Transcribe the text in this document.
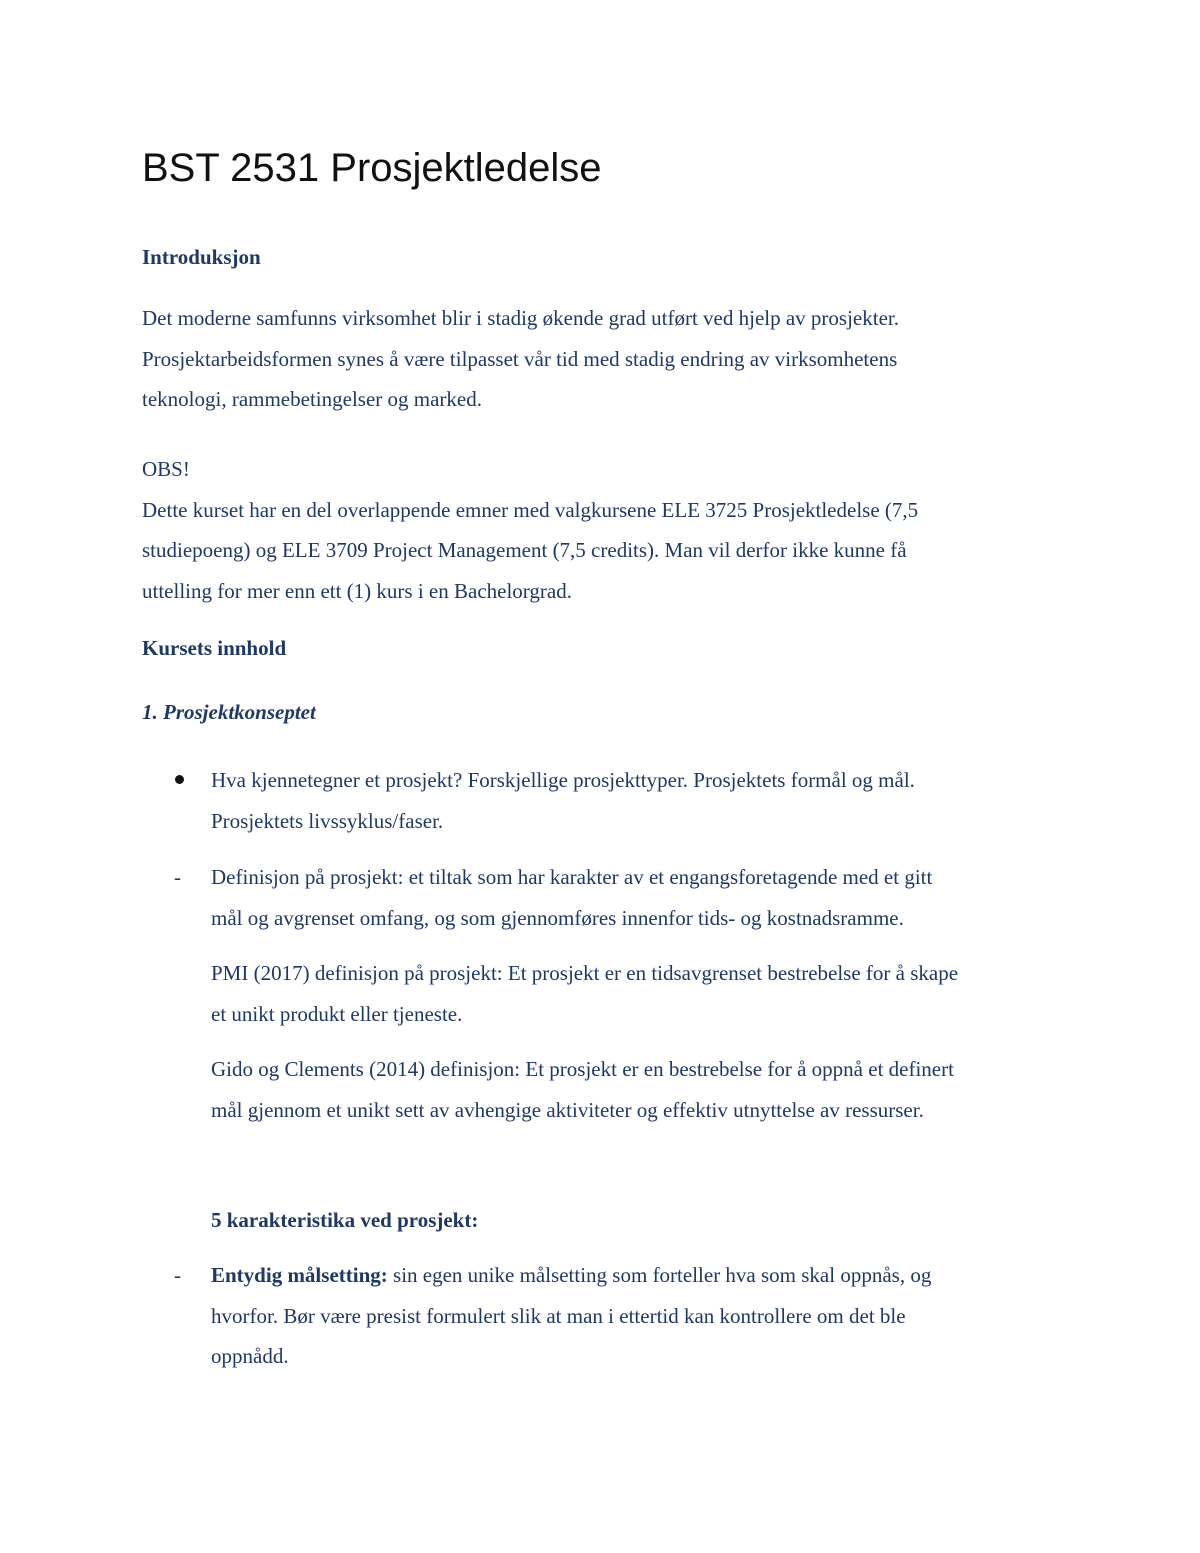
BST 2531 Prosjektledelse
Introduksjon
Det moderne samfunns virksomhet blir i stadig økende grad utført ved hjelp av prosjekter.
Prosjektarbeidsformen synes å være tilpasset vår tid med stadig endring av virksomhetens
teknologi, rammebetingelser og marked.
OBS!
Dette kurset har en del overlappende emner med valgkursene ELE 3725 Prosjektledelse (7,5
studiepoeng) og ELE 3709 Project Management (7,5 credits). Man vil derfor ikke kunne få
uttelling for mer enn ett (1) kurs i en Bachelorgrad.
Kursets innhold
1. Prosjektkonseptet
Hva kjennetegner et prosjekt? Forskjellige prosjekttyper. Prosjektets formål og mål.
Prosjektets livssyklus/faser.
- Definisjon på prosjekt: et tiltak som har karakter av et engangsforetagende med et gitt
mål og avgrenset omfang, og som gjennomføres innenfor tids- og kostnadsramme.
PMI (2017) definisjon på prosjekt: Et prosjekt er en tidsavgrenset bestrebelse for å skape
et unikt produkt eller tjeneste.
Gido og Clements (2014) definisjon: Et prosjekt er en bestrebelse for å oppnå et definert
mål gjennom et unikt sett av avhengige aktiviteter og effektiv utnyttelse av ressurser.
5 karakteristika ved prosjekt:
- Entydig målsetting: sin egen unike målsetting som forteller hva som skal oppnås, og
hvorfor. Bør være presist formulert slik at man i ettertid kan kontrollere om det ble
oppnådd.
